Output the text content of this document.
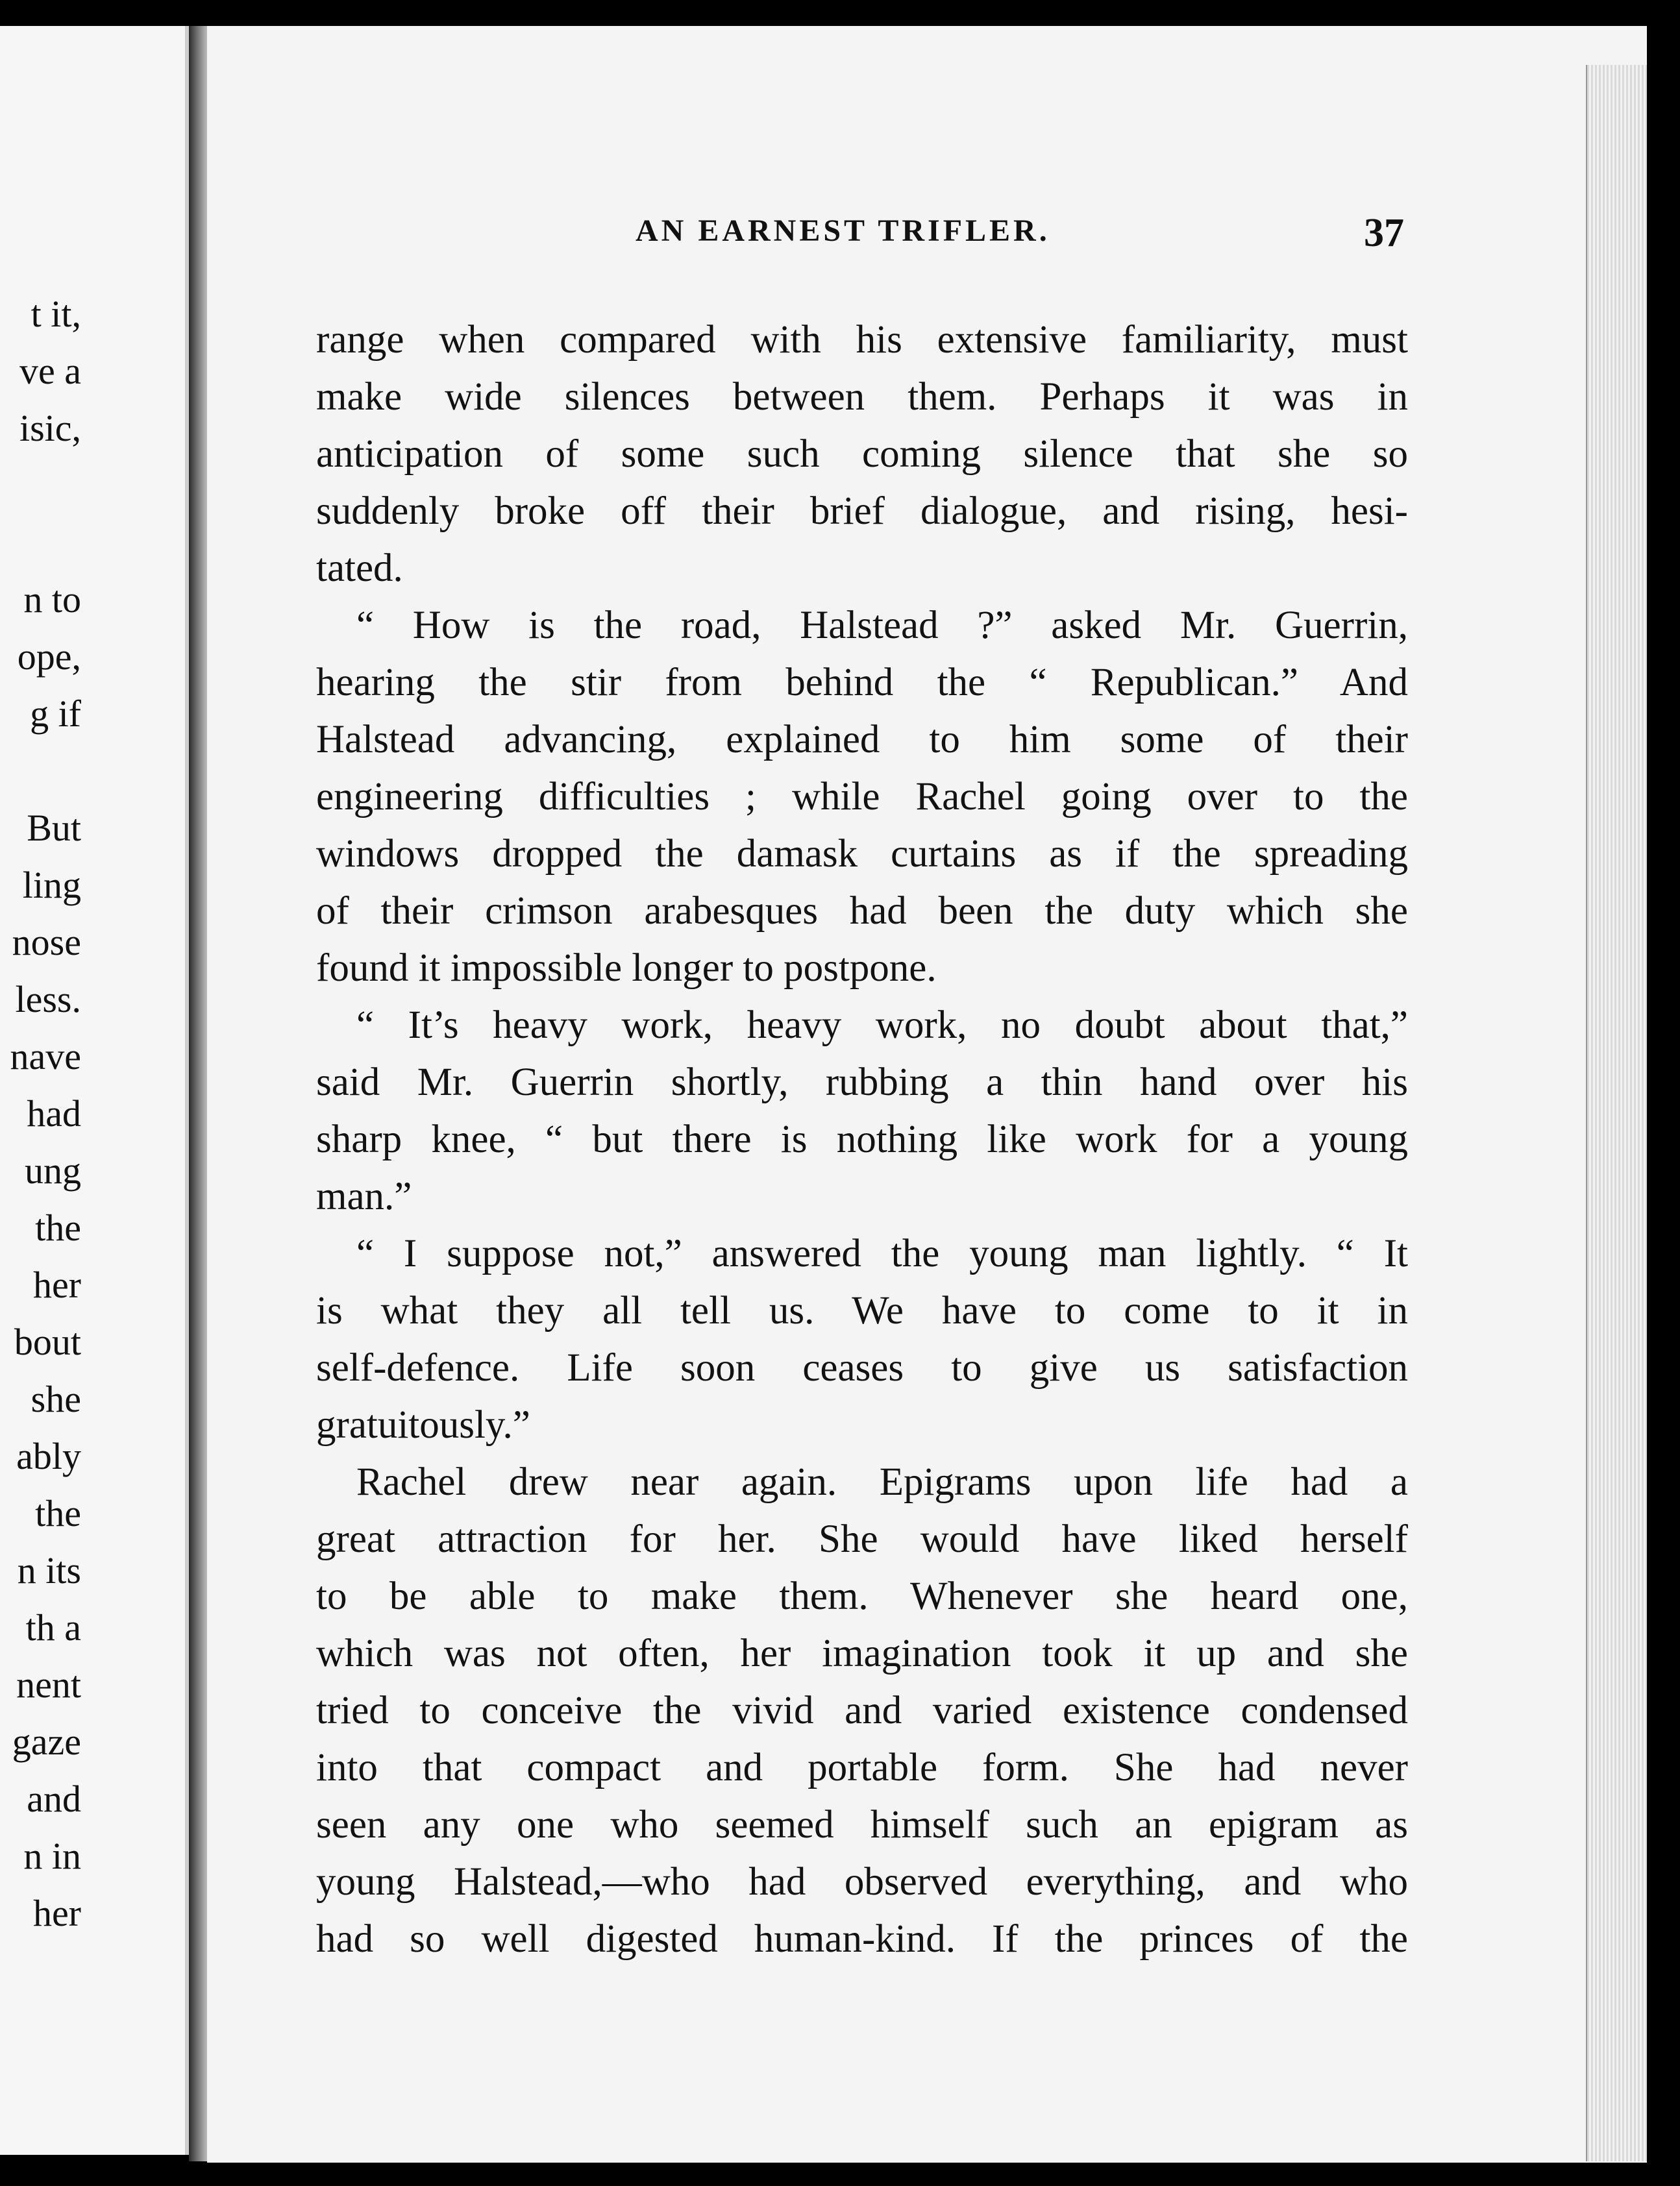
t it,
ve a
isic,
n to
ope,
g if
But
ling
nose
less.
nave
had
ung
the
her
bout
she
ably
the
n its
th a
nent
gaze
and
n in
her
AN EARNEST TRIFLER.	37
range when compared with his extensive familiarity, must
make wide silences between them. Perhaps it was in
anticipation of some such coming silence that she so
suddenly broke off their brief dialogue, and rising, hesi-
tated.
“ How is the road, Halstead ?” asked Mr. Guerrin,
hearing the stir from behind the “ Republican.” And
Halstead advancing, explained to him some of their
engineering difficulties ; while Rachel going over to the
windows dropped the damask curtains as if the spreading
of their crimson arabesques had been the duty which she
found it impossible longer to postpone.
“ It’s heavy work, heavy work, no doubt about that,”
said Mr. Guerrin shortly, rubbing a thin hand over his
sharp knee, “ but there is nothing like work for a young
man.”
“ I suppose not,” answered the young man lightly. “ It
is what they all tell us. We have to come to it in
self-defence. Life soon ceases to give us satisfaction
gratuitously.”
Rachel drew near again. Epigrams upon life had a
great attraction for her. She would have liked herself
to be able to make them. Whenever she heard one,
which was not often, her imagination took it up and she
tried to conceive the vivid and varied existence condensed
into that compact and portable form. She had never
seen any one who seemed himself such an epigram as
young Halstead,—who had observed everything, and who
had so well digested human-kind. If the princes of the
